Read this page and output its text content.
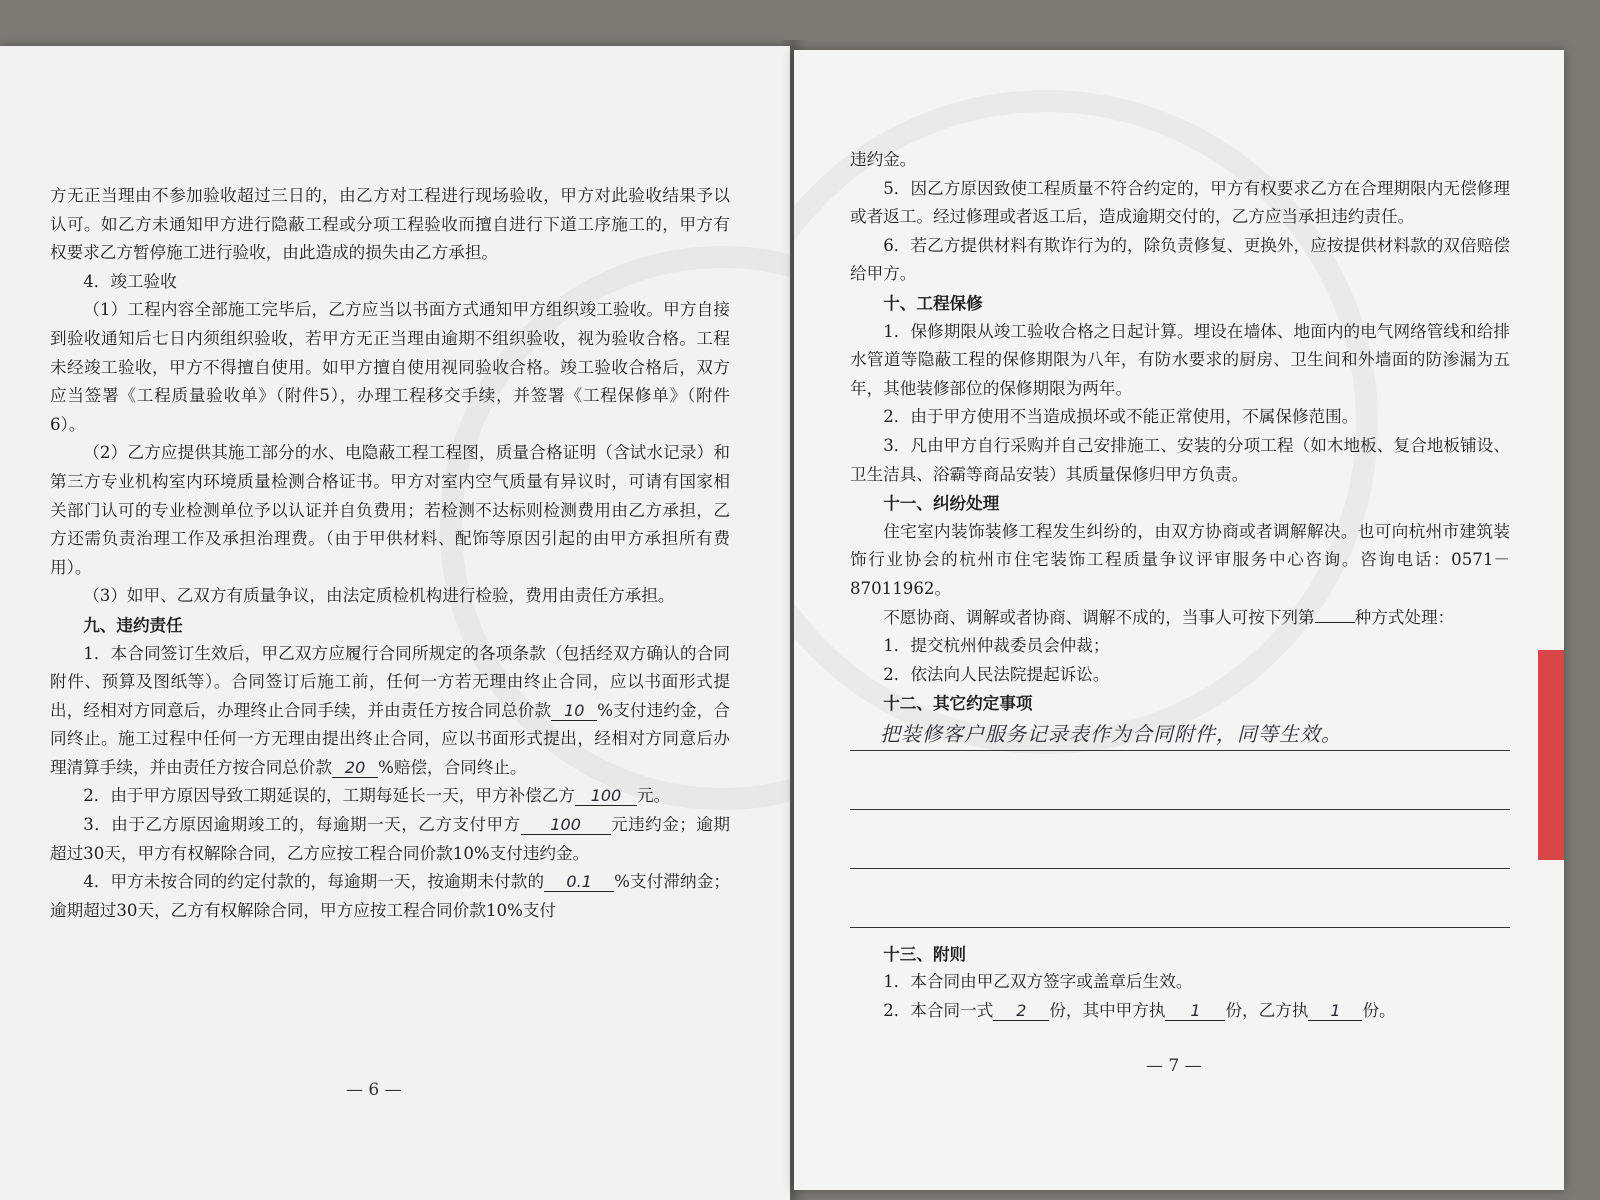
方无正当理由不参加验收超过三日的，由乙方对工程进行现场验收，甲方对此验收结果予以认可。如乙方未通知甲方进行隐蔽工程或分项工程验收而擅自进行下道工序施工的，甲方有权要求乙方暂停施工进行验收，由此造成的损失由乙方承担。

4．竣工验收

（1）工程内容全部施工完毕后，乙方应当以书面方式通知甲方组织竣工验收。甲方自接到验收通知后七日内须组织验收，若甲方无正当理由逾期不组织验收，视为验收合格。工程未经竣工验收，甲方不得擅自使用。如甲方擅自使用视同验收合格。竣工验收合格后，双方应当签署《工程质量验收单》（附件5），办理工程移交手续，并签署《工程保修单》（附件6）。

（2）乙方应提供其施工部分的水、电隐蔽工程工程图，质量合格证明（含试水记录）和第三方专业机构室内环境质量检测合格证书。甲方对室内空气质量有异议时，可请有国家相关部门认可的专业检测单位予以认证并自负费用；若检测不达标则检测费用由乙方承担，乙方还需负责治理工作及承担治理费。（由于甲供材料、配饰等原因引起的由甲方承担所有费用）。

（3）如甲、乙双方有质量争议，由法定质检机构进行检验，费用由责任方承担。

九、违约责任

1．本合同签订生效后，甲乙双方应履行合同所规定的各项条款（包括经双方确认的合同附件、预算及图纸等）。合同签订后施工前，任何一方若无理由终止合同，应以书面形式提出，经相对方同意后，办理终止合同手续，并由责任方按合同总价款 10 %支付违约金，合同终止。施工过程中任何一方无理由提出终止合同，应以书面形式提出，经相对方同意后办理清算手续，并由责任方按合同总价款 20 %赔偿，合同终止。

2．由于甲方原因导致工期延误的，工期每延长一天，甲方补偿乙方 100 元。

3．由于乙方原因逾期竣工的，每逾期一天，乙方支付甲方 100 元违约金；逾期超过30天，甲方有权解除合同，乙方应按工程合同价款10%支付违约金。

4．甲方未按合同的约定付款的，每逾期一天，按逾期未付款的 0.1 %支付滞纳金；逾期超过30天，乙方有权解除合同，甲方应按工程合同价款10%支付

— 6 —

违约金。

5．因乙方原因致使工程质量不符合约定的，甲方有权要求乙方在合理期限内无偿修理或者返工。经过修理或者返工后，造成逾期交付的，乙方应当承担违约责任。

6．若乙方提供材料有欺诈行为的，除负责修复、更换外，应按提供材料款的双倍赔偿给甲方。

十、工程保修

1．保修期限从竣工验收合格之日起计算。埋设在墙体、地面内的电气网络管线和给排水管道等隐蔽工程的保修期限为八年，有防水要求的厨房、卫生间和外墙面的防渗漏为五年，其他装修部位的保修期限为两年。

2．由于甲方使用不当造成损坏或不能正常使用，不属保修范围。

3．凡由甲方自行采购并自己安排施工、安装的分项工程（如木地板、复合地板铺设、卫生洁具、浴霸等商品安装）其质量保修归甲方负责。

十一、纠纷处理

住宅室内装饰装修工程发生纠纷的，由双方协商或者调解解决。也可向杭州市建筑装饰行业协会的杭州市住宅装饰工程质量争议评审服务中心咨询。咨询电话：0571－87011962。

不愿协商、调解或者协商、调解不成的，当事人可按下列第 种方式处理：

1．提交杭州仲裁委员会仲裁；

2．依法向人民法院提起诉讼。

十二、其它约定事项

把装修客户服务记录表作为合同附件，同等生效。

十三、附则

1．本合同由甲乙双方签字或盖章后生效。

2．本合同一式 2 份，其中甲方执 1 份，乙方执 1 份。

— 7 —
